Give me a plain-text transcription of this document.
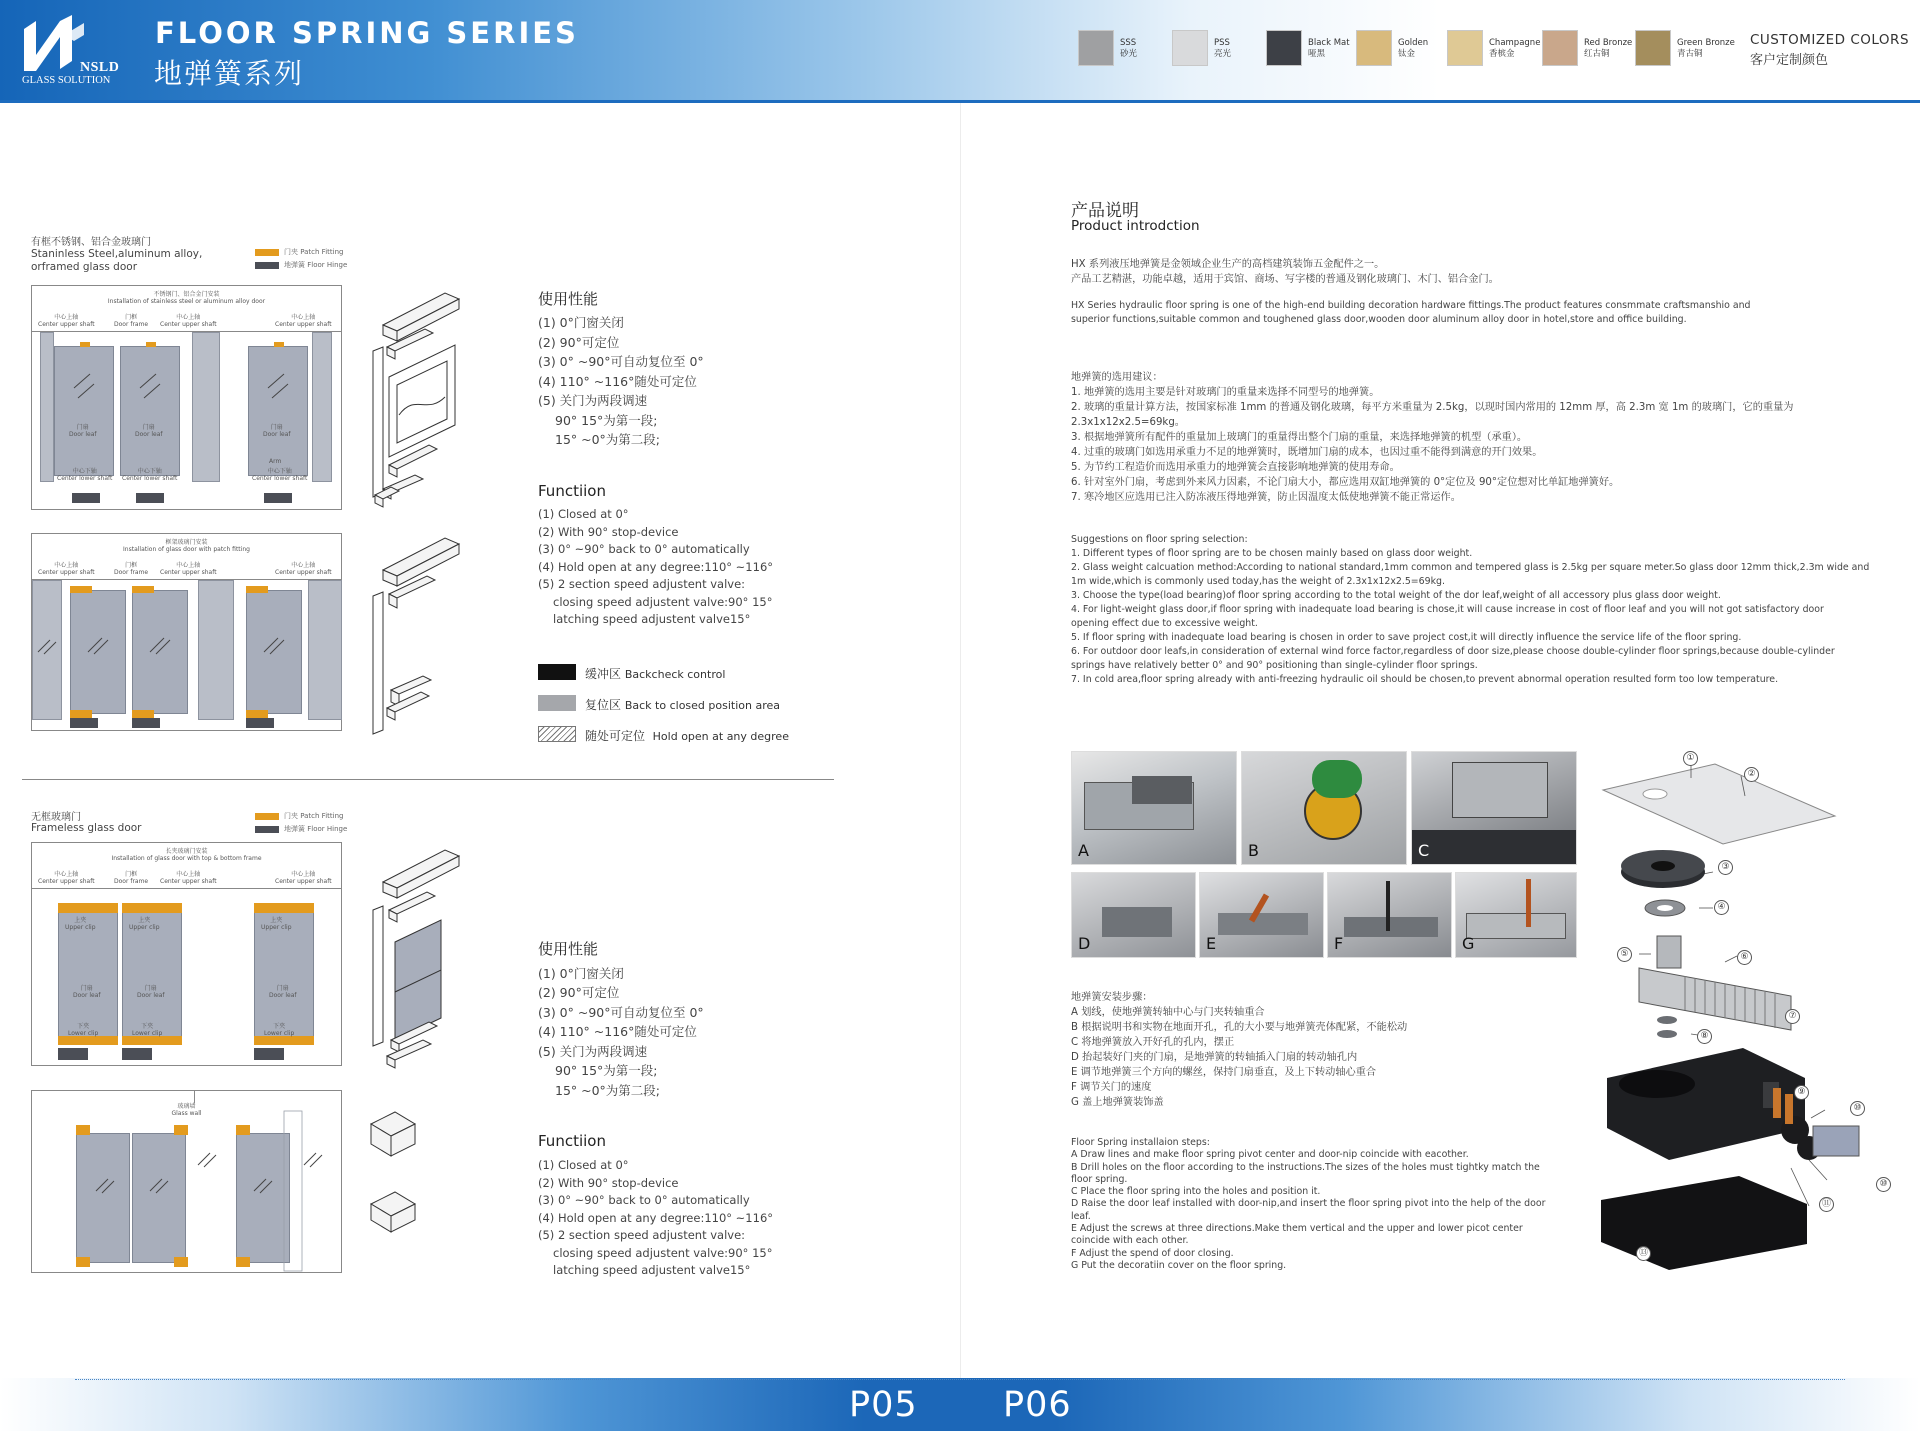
NSLD
GLASS SOLUTION
FLOOR SPRING SERIES
地弹簧系列
SSS
砂光
PSS
亮光
Black Mat
哑黑
Golden
钛金
Champagne
香槟金
Red Bronze
红古铜
Green Bronze
青古铜
CUSTOMIZED COLORS
客户定制颜色
有框不锈钢、铝合金玻璃门
Staninless Steel,aluminum alloy,
orframed glass door
门夹 Patch Fitting
地弹簧 Floor Hinge
不锈钢门、铝合金门安装
Installation of stainless steel or aluminum alloy door
中心上轴
Center upper shaft
门框
Door frame
中心上轴
Center upper shaft
中心上轴
Center upper shaft
门扇
Door leaf
门扇
Door leaf
门扇
Door leaf
Arm
中心下轴
Center lower shaft
中心下轴
Center lower shaft
中心下轴
Center lower shaft
框架玻璃门安装
Installation of glass door with patch fitting
中心上轴
Center upper shaft
门框
Door frame
中心上轴
Center upper shaft
中心上轴
Center upper shaft
使用性能
(1) 0°门窗关闭
(2) 90°可定位
(3) 0° ~90°可自动复位至 0°
(4) 110° ~116°随处可定位
(5) 关门为两段调速
90° 15°为第一段;
15° ~0°为第二段;
Functiion
(1) Closed at 0°
(2) With 90° stop-device
(3) 0° ~90° back to 0° automatically
(4) Hold open at any degree:110° ~116°
(5) 2 section speed adjustent valve:
closing speed adjustent valve:90° 15°
latching speed adjustent valve15°
缓冲区 Backcheck control
复位区 Back to closed position area
随处可定位 Hold open at any degree
无框玻璃门
Frameless glass door
门夹 Patch Fitting
地弹簧 Floor Hinge
长夹玻璃门安装
Installation of glass door with top & bottom frame
中心上轴
Center upper shaft
门框
Door frame
中心上轴
Center upper shaft
中心上轴
Center upper shaft
上夹
Upper clip
上夹
Upper clip
上夹
Upper clip
门扇
Door leaf
门扇
Door leaf
门扇
Door leaf
下夹
Lower clip
下夹
Lower clip
下夹
Lower clip
玻璃墙
Glass wall
使用性能
(1) 0°门窗关闭
(2) 90°可定位
(3) 0° ~90°可自动复位至 0°
(4) 110° ~116°随处可定位
(5) 关门为两段调速
90° 15°为第一段;
15° ~0°为第二段;
Functiion
(1) Closed at 0°
(2) With 90° stop-device
(3) 0° ~90° back to 0° automatically
(4) Hold open at any degree:110° ~116°
(5) 2 section speed adjustent valve:
closing speed adjustent valve:90° 15°
latching speed adjustent valve15°
产品说明
Product introdction

HX 系列液压地弹簧是金领域企业生产的高档建筑装饰五金配件之一。

产品工艺精湛，功能卓越，适用于宾馆、商场、写字楼的普通及钢化玻璃门、木门、铝合金门。

HX Series hydraulic floor spring is one of the high-end building decoration hardware fittings.The product features consmmate craftsmanshio and

superior functions,suitable common and toughened glass door,wooden door aluminum alloy door in hotel,store and office building.

地弹簧的选用建议：

1. 地弹簧的选用主要是针对玻璃门的重量来选择不同型号的地弹簧。

2. 玻璃的重量计算方法，按国家标准 1mm 的普通及钢化玻璃，每平方米重量为 2.5kg，以现时国内常用的 12mm 厚，高 2.3m 宽 1m 的玻璃门，它的重量为

2.3x1x12x2.5=69kg。

3. 根据地弹簧所有配件的重量加上玻璃门的重量得出整个门扇的重量，来选择地弹簧的机型（承重）。

4. 过重的玻璃门如选用承重力不足的地弹簧时，既增加门扇的成本，也因过重不能得到满意的开门效果。

5. 为节约工程造价而选用承重力的地弹簧会直接影响地弹簧的使用寿命。

6. 针对室外门扇，考虑到外来风力因素，不论门扇大小，都应选用双缸地弹簧的 0°定位及 90°定位想对比单缸地弹簧好。

7. 寒冷地区应选用已注入防冻液压得地弹簧，防止因温度太低使地弹簧不能正常运作。

Suggestions on floor spring selection:

1. Different types of floor spring are to be chosen mainly based on glass door weight.

2. Glass weight calcuation method:According to national standard,1mm common and tempered glass is 2.5kg per square meter.So glass door 12mm thick,2.3m wide and

1m wide,which is commonly used today,has the weight of 2.3x1x12x2.5=69kg.

3. Choose the type(load bearing)of floor spring according to the total weight of the dor leaf,weight of all accessory plus glass door weight.

4. For light-weight glass door,if floor spring with inadequate load bearing is chose,it will cause increase in cost of floor leaf and you will not got satisfactory door

opening effect due to excessive weight.

5. If floor spring with inadequate load bearing is chosen in order to save project cost,it will directly influence the service life of the floor spring.

6. For outdoor door leafs,in consideration of external wind force factor,regardless of door size,please choose double-cylinder floor springs,because double-cylinder

springs have relatively better 0° and 90° positioning than single-cylinder floor springs.

7. In cold area,floor spring already with anti-freezing hydraulic oil should be chosen,to prevent abnormal operation resulted form too low temperature.

A	B	C
D	E	F	G

地弹簧安装步骤：

A 划线，使地弹簧转轴中心与门夹转轴重合

B 根据说明书和实物在地面开孔，孔的大小要与地弹簧壳体配紧，不能松动

C 将地弹簧放入开好孔的孔内，摆正

D 抬起装好门夹的门扇，是地弹簧的转轴插入门扇的转动轴孔内

E 调节地弹簧三个方向的螺丝，保持门扇垂直，及上下转动轴心重合

F 调节关门的速度

G 盖上地弹簧装饰盖

Floor Spring installaion steps:

A Draw lines and make floor spring pivot center and door-nip coincide with eacother.

B Drill holes on the floor according to the instructions.The sizes of the holes must tightky match the

floor spring.

C Place the floor spring into the holes and position it.

D Raise the door leaf installed with door-nip,and insert the floor spring pivot into the help of the door

leaf.

E Adjust the screws at three directions.Make them vertical and the upper and lower picot center

coincide with each other.

F Adjust the spend of door closing.

G Put the decoratiin cover on the floor spring.

①
②
③
④
⑤	⑥
⑦
⑧
⑨
⑩
⑩
⑪
⑬
P05 P06
